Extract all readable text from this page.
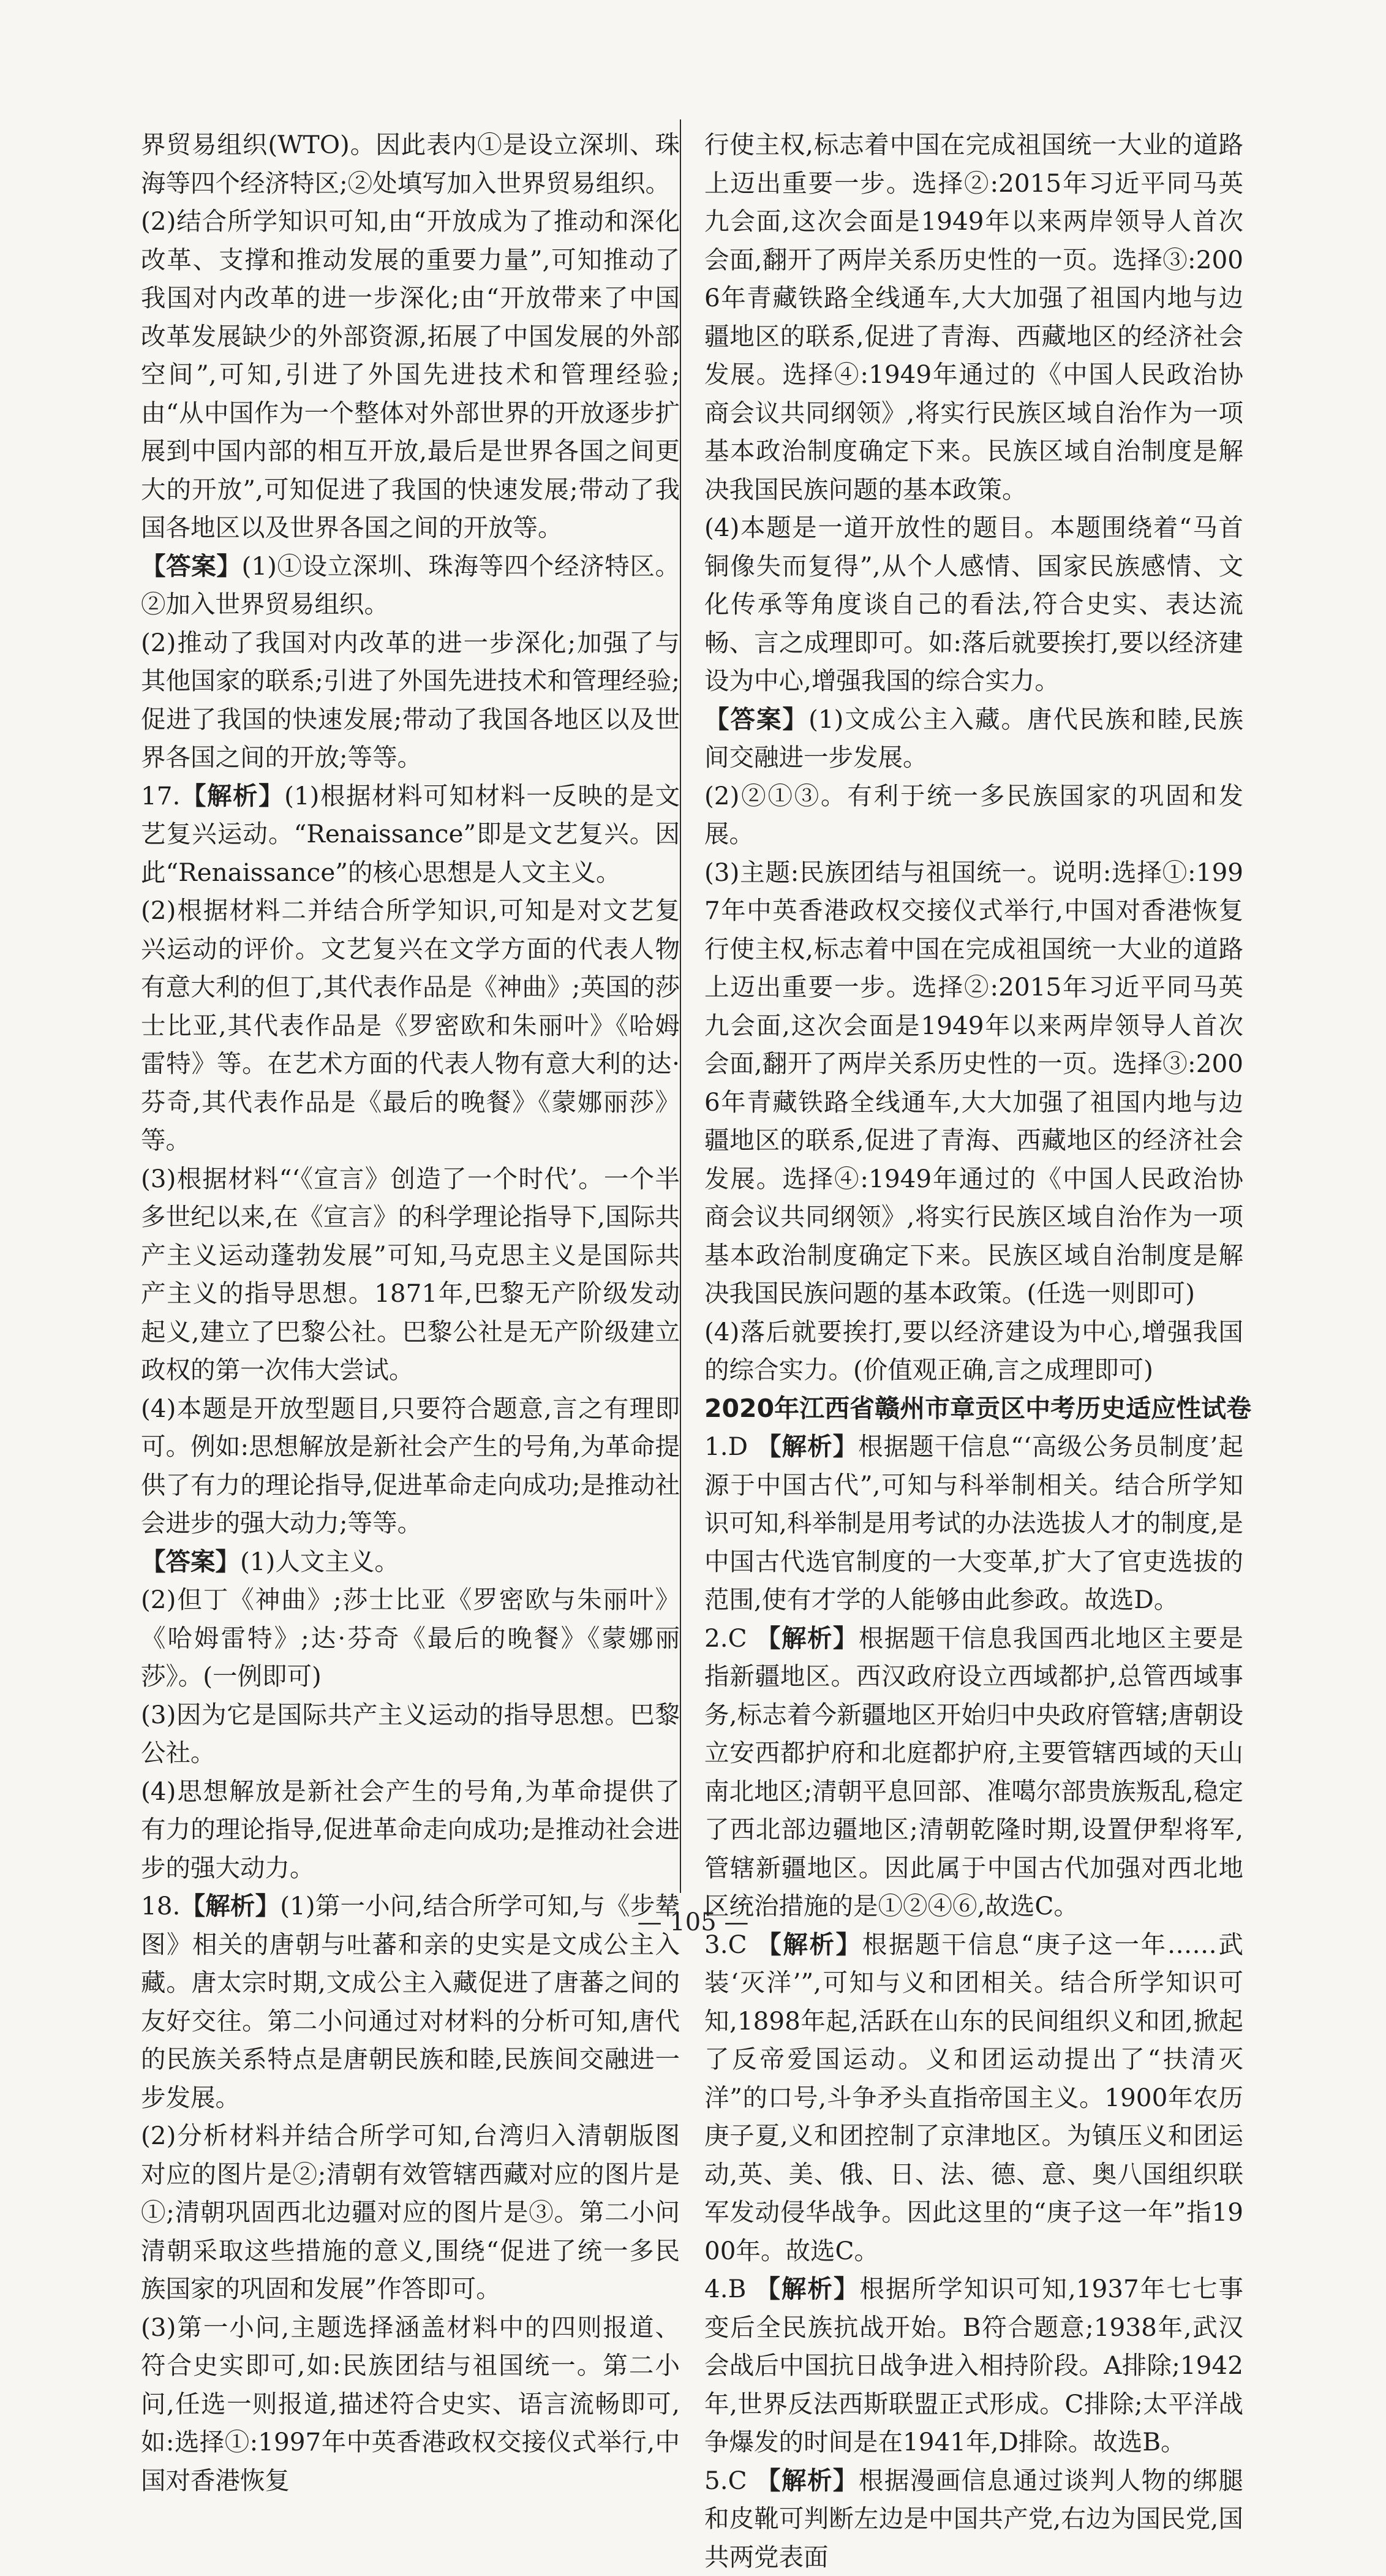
界贸易组织(WTO)。因此表内①是设立深圳、珠海等四个经济特区;②处填写加入世界贸易组织。

(2)结合所学知识可知,由“开放成为了推动和深化改革、支撑和推动发展的重要力量”,可知推动了我国对内改革的进一步深化;由“开放带来了中国改革发展缺少的外部资源,拓展了中国发展的外部空间”,可知,引进了外国先进技术和管理经验;由“从中国作为一个整体对外部世界的开放逐步扩展到中国内部的相互开放,最后是世界各国之间更大的开放”,可知促进了我国的快速发展;带动了我国各地区以及世界各国之间的开放等。

【答案】(1)①设立深圳、珠海等四个经济特区。②加入世界贸易组织。

(2)推动了我国对内改革的进一步深化;加强了与其他国家的联系;引进了外国先进技术和管理经验;促进了我国的快速发展;带动了我国各地区以及世界各国之间的开放;等等。

17.【解析】(1)根据材料可知材料一反映的是文艺复兴运动。“Renaissance”即是文艺复兴。因此“Renaissance”的核心思想是人文主义。

(2)根据材料二并结合所学知识,可知是对文艺复兴运动的评价。文艺复兴在文学方面的代表人物有意大利的但丁,其代表作品是《神曲》;英国的莎士比亚,其代表作品是《罗密欧和朱丽叶》《哈姆雷特》等。在艺术方面的代表人物有意大利的达·芬奇,其代表作品是《最后的晚餐》《蒙娜丽莎》等。

(3)根据材料“‘《宣言》创造了一个时代’。一个半多世纪以来,在《宣言》的科学理论指导下,国际共产主义运动蓬勃发展”可知,马克思主义是国际共产主义的指导思想。1871年,巴黎无产阶级发动起义,建立了巴黎公社。巴黎公社是无产阶级建立政权的第一次伟大尝试。

(4)本题是开放型题目,只要符合题意,言之有理即可。例如:思想解放是新社会产生的号角,为革命提供了有力的理论指导,促进革命走向成功;是推动社会进步的强大动力;等等。

【答案】(1)人文主义。

(2)但丁《神曲》;莎士比亚《罗密欧与朱丽叶》《哈姆雷特》;达·芬奇《最后的晚餐》《蒙娜丽莎》。(一例即可)

(3)因为它是国际共产主义运动的指导思想。巴黎公社。

(4)思想解放是新社会产生的号角,为革命提供了有力的理论指导,促进革命走向成功;是推动社会进步的强大动力。

18.【解析】(1)第一小问,结合所学可知,与《步辇图》相关的唐朝与吐蕃和亲的史实是文成公主入藏。唐太宗时期,文成公主入藏促进了唐蕃之间的友好交往。第二小问通过对材料的分析可知,唐代的民族关系特点是唐朝民族和睦,民族间交融进一步发展。

(2)分析材料并结合所学可知,台湾归入清朝版图对应的图片是②;清朝有效管辖西藏对应的图片是①;清朝巩固西北边疆对应的图片是③。第二小问清朝采取这些措施的意义,围绕“促进了统一多民族国家的巩固和发展”作答即可。

(3)第一小问,主题选择涵盖材料中的四则报道、符合史实即可,如:民族团结与祖国统一。第二小问,任选一则报道,描述符合史实、语言流畅即可,如:选择①:1997年中英香港政权交接仪式举行,中国对香港恢复

行使主权,标志着中国在完成祖国统一大业的道路上迈出重要一步。选择②:2015年习近平同马英九会面,这次会面是1949年以来两岸领导人首次会面,翻开了两岸关系历史性的一页。选择③:2006年青藏铁路全线通车,大大加强了祖国内地与边疆地区的联系,促进了青海、西藏地区的经济社会发展。选择④:1949年通过的《中国人民政治协商会议共同纲领》,将实行民族区域自治作为一项基本政治制度确定下来。民族区域自治制度是解决我国民族问题的基本政策。

(4)本题是一道开放性的题目。本题围绕着“马首铜像失而复得”,从个人感情、国家民族感情、文化传承等角度谈自己的看法,符合史实、表达流畅、言之成理即可。如:落后就要挨打,要以经济建设为中心,增强我国的综合实力。

【答案】(1)文成公主入藏。唐代民族和睦,民族间交融进一步发展。

(2)②①③。有利于统一多民族国家的巩固和发展。

(3)主题:民族团结与祖国统一。说明:选择①:1997年中英香港政权交接仪式举行,中国对香港恢复行使主权,标志着中国在完成祖国统一大业的道路上迈出重要一步。选择②:2015年习近平同马英九会面,这次会面是1949年以来两岸领导人首次会面,翻开了两岸关系历史性的一页。选择③:2006年青藏铁路全线通车,大大加强了祖国内地与边疆地区的联系,促进了青海、西藏地区的经济社会发展。选择④:1949年通过的《中国人民政治协商会议共同纲领》,将实行民族区域自治作为一项基本政治制度确定下来。民族区域自治制度是解决我国民族问题的基本政策。(任选一则即可)

(4)落后就要挨打,要以经济建设为中心,增强我国的综合实力。(价值观正确,言之成理即可)

2020年江西省赣州市章贡区中考历史适应性试卷

1.D 【解析】根据题干信息“‘高级公务员制度’起源于中国古代”,可知与科举制相关。结合所学知识可知,科举制是用考试的办法选拔人才的制度,是中国古代选官制度的一大变革,扩大了官吏选拔的范围,使有才学的人能够由此参政。故选D。

2.C 【解析】根据题干信息我国西北地区主要是指新疆地区。西汉政府设立西域都护,总管西域事务,标志着今新疆地区开始归中央政府管辖;唐朝设立安西都护府和北庭都护府,主要管辖西域的天山南北地区;清朝平息回部、准噶尔部贵族叛乱,稳定了西北部边疆地区;清朝乾隆时期,设置伊犁将军,管辖新疆地区。因此属于中国古代加强对西北地区统治措施的是①②④⑥,故选C。

3.C 【解析】根据题干信息“庚子这一年……武装‘灭洋’”,可知与义和团相关。结合所学知识可知,1898年起,活跃在山东的民间组织义和团,掀起了反帝爱国运动。义和团运动提出了“扶清灭洋”的口号,斗争矛头直指帝国主义。1900年农历庚子夏,义和团控制了京津地区。为镇压义和团运动,英、美、俄、日、法、德、意、奥八国组织联军发动侵华战争。因此这里的“庚子这一年”指1900年。故选C。

4.B 【解析】根据所学知识可知,1937年七七事变后全民族抗战开始。B符合题意;1938年,武汉会战后中国抗日战争进入相持阶段。A排除;1942年,世界反法西斯联盟正式形成。C排除;太平洋战争爆发的时间是在1941年,D排除。故选B。

5.C 【解析】根据漫画信息通过谈判人物的绑腿和皮靴可判断左边是中国共产党,右边为国民党,国共两党表面

— 105 —
